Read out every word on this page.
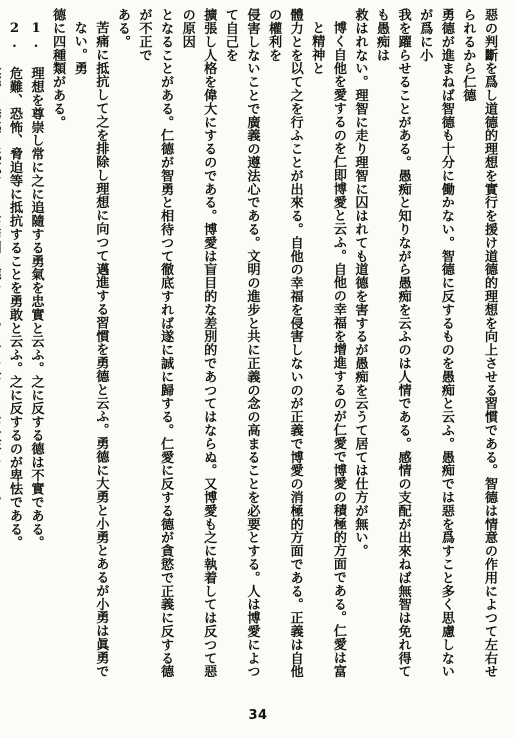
惡の判斷を爲し道德的理想を實行を援け道德的理想を向上させる習慣である。智德は情意の作用によつて左右せられるから仁德

勇德が進まねば智德も十分に働かない。智德に反するものを愚痴と云ふ。愚痴では惡を爲すこと多く思慮しないが爲に小

我を躍らせることがある。愚痴と知りながら愚痴を云ふのは人情である。感情の支配が出來ねば無智は免れ得ても愚痴は

救はれない。理智に走り理智に囚はれても道德を害するが愚痴を云うて居ては仕方が無い。

博く自他を愛するのを仁即博愛と云ふ。自他の幸福を增進するのが仁愛で博愛の積極的方面である。仁愛は富と精神と

體力とを以て之を行ふことが出來る。自他の幸福を侵害しないのが正義で博愛の消極的方面である。正義は自他の權利を

侵害しないことで廣義の遵法心である。文明の進步と共に正義の念の高まることを必要とする。人は博愛によつて自己を

擴張し人格を偉大にするのである。博愛は盲目的な差別的であつてはならぬ。又博愛も之に執着しては反つて惡の原因

となることがある。仁德が智勇と相待つて徹底すれば遂に誠に歸する。仁愛に反する德が貪慾で正義に反する德が不正で

ある。

苦痛に抵抗して之を排除し理想に向つて邁進する習慣を勇德と云ふ。勇德に大勇と小勇とあるが小勇は眞勇でない。勇

德に四種類がある。

1. 理想を尊崇し常に之に追隨する勇氣を忠實と云ふ。之に反する德は不實である。

2. 危難、恐怖、脅迫等に抵抗することを勇敢と云ふ。之に反するのが卑怯である。

34
